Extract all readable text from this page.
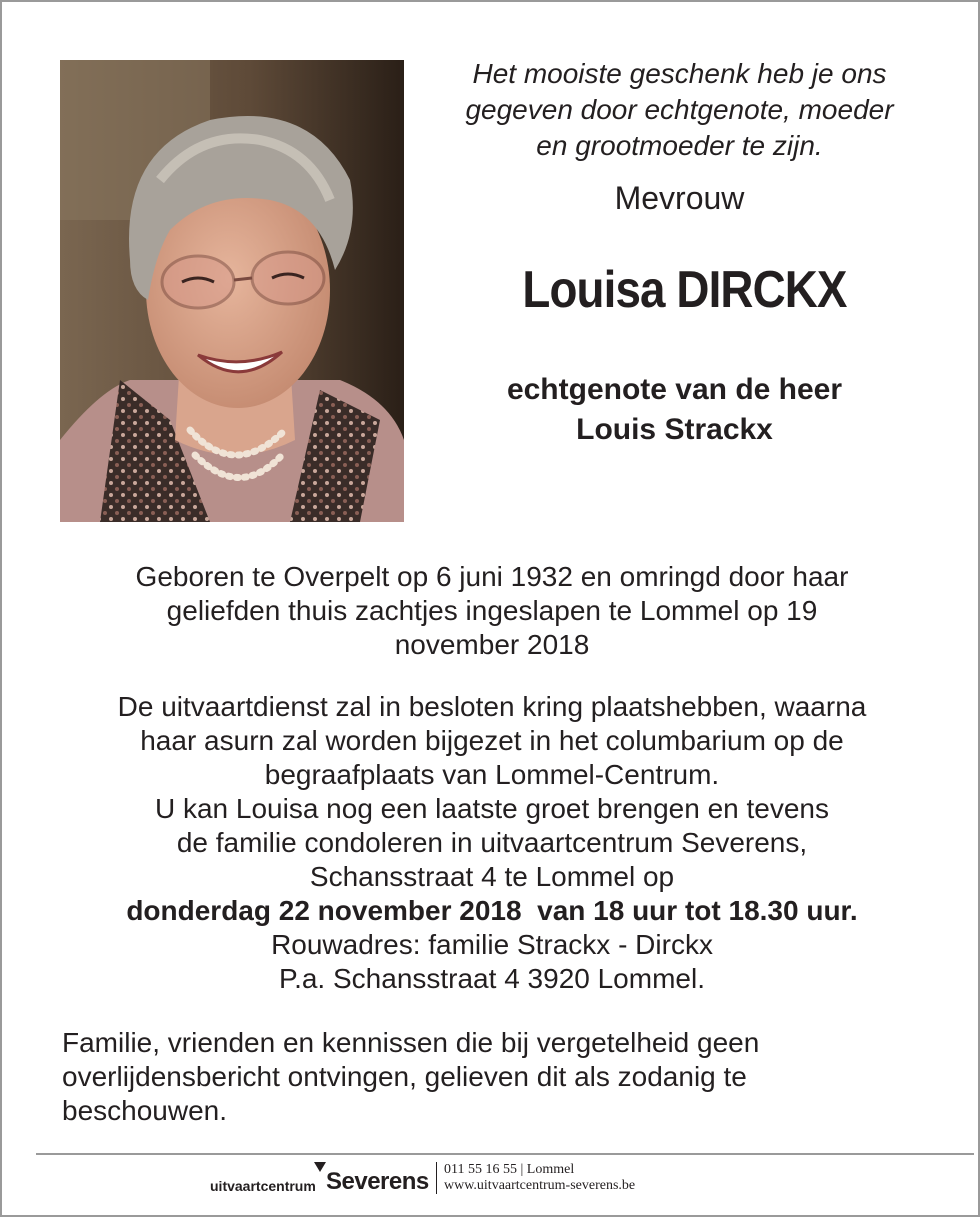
Het mooiste geschenk heb je ons
gegeven door echtgenote, moeder
en grootmoeder te zijn.
Mevrouw
Louisa DIRCKX
echtgenote van de heer
Louis Strackx
Geboren te Overpelt op 6 juni 1932 en omringd door haar
geliefden thuis zachtjes ingeslapen te Lommel op 19
november 2018
De uitvaartdienst zal in besloten kring plaatshebben, waarna
haar asurn zal worden bijgezet in het columbarium op de
begraafplaats van Lommel-Centrum.
U kan Louisa nog een laatste groet brengen en tevens
de familie condoleren in uitvaartcentrum Severens,
Schansstraat 4 te Lommel op
donderdag 22 november 2018  van 18 uur tot 18.30 uur.
Rouwadres: familie Strackx - Dirckx
P.a. Schansstraat 4 3920 Lommel.
Familie, vrienden en kennissen die bij vergetelheid geen
overlijdensbericht ontvingen, gelieven dit als zodanig te
beschouwen.
uitvaartcentrum Severens 011 55 16 55 | Lommel
www.uitvaartcentrum-severens.be
